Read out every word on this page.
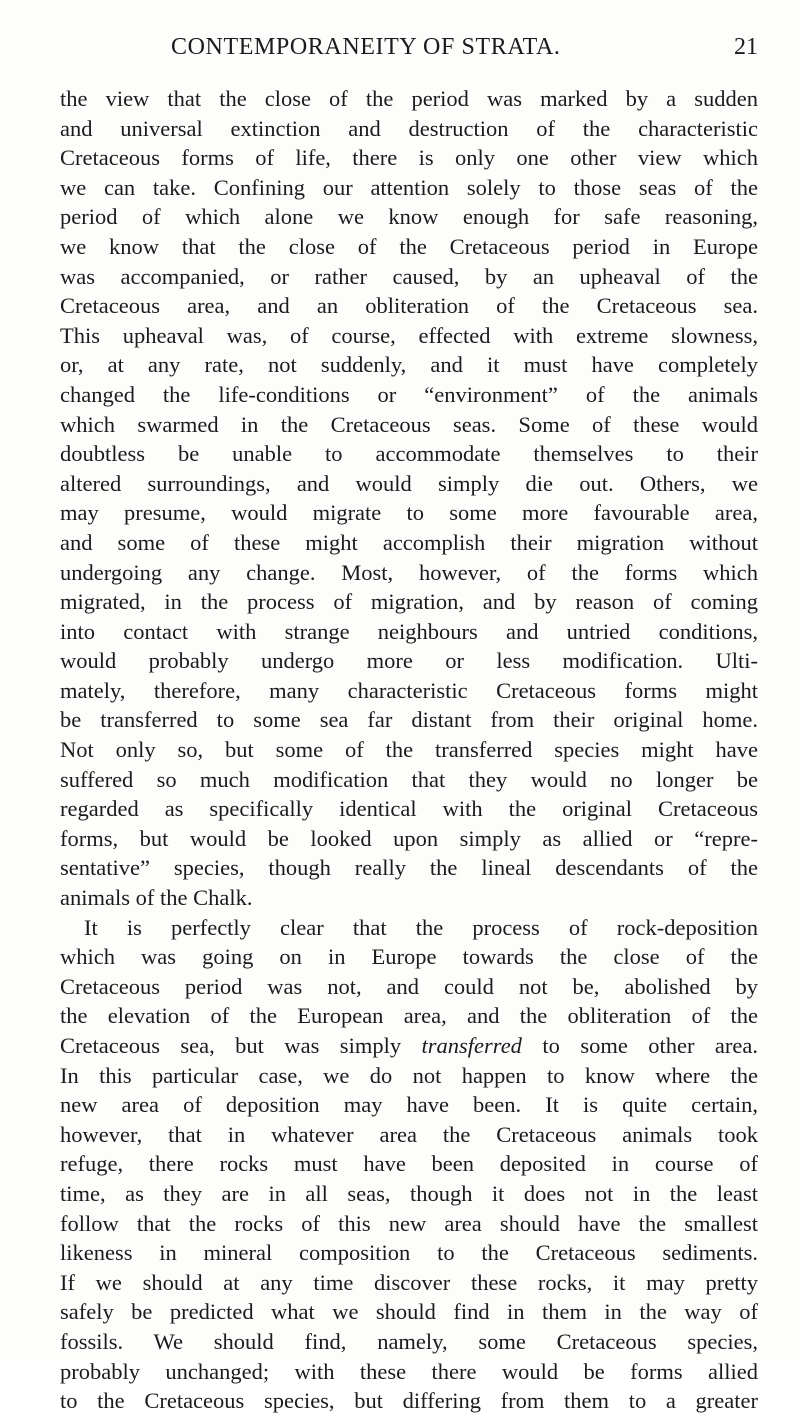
CONTEMPORANEITY OF STRATA.	21
the view that the close of the period was marked by a sudden
and universal extinction and destruction of the characteristic
Cretaceous forms of life, there is only one other view which
we can take. Confining our attention solely to those seas of the
period of which alone we know enough for safe reasoning,
we know that the close of the Cretaceous period in Europe
was accompanied, or rather caused, by an upheaval of the
Cretaceous area, and an obliteration of the Cretaceous sea.
This upheaval was, of course, effected with extreme slowness,
or, at any rate, not suddenly, and it must have completely
changed the life-conditions or “environment” of the animals
which swarmed in the Cretaceous seas. Some of these would
doubtless be unable to accommodate themselves to their
altered surroundings, and would simply die out. Others, we
may presume, would migrate to some more favourable area,
and some of these might accomplish their migration without
undergoing any change. Most, however, of the forms which
migrated, in the process of migration, and by reason of coming
into contact with strange neighbours and untried conditions,
would probably undergo more or less modification. Ulti-
mately, therefore, many characteristic Cretaceous forms might
be transferred to some sea far distant from their original home.
Not only so, but some of the transferred species might have
suffered so much modification that they would no longer be
regarded as specifically identical with the original Cretaceous
forms, but would be looked upon simply as allied or “repre-
sentative” species, though really the lineal descendants of the
animals of the Chalk.
It is perfectly clear that the process of rock-deposition
which was going on in Europe towards the close of the
Cretaceous period was not, and could not be, abolished by
the elevation of the European area, and the obliteration of the
Cretaceous sea, but was simply transferred to some other area.
In this particular case, we do not happen to know where the
new area of deposition may have been. It is quite certain,
however, that in whatever area the Cretaceous animals took
refuge, there rocks must have been deposited in course of
time, as they are in all seas, though it does not in the least
follow that the rocks of this new area should have the smallest
likeness in mineral composition to the Cretaceous sediments.
If we should at any time discover these rocks, it may pretty
safely be predicted what we should find in them in the way of
fossils. We should find, namely, some Cretaceous species,
probably unchanged; with these there would be forms allied
to the Cretaceous species, but differing from them to a greater
